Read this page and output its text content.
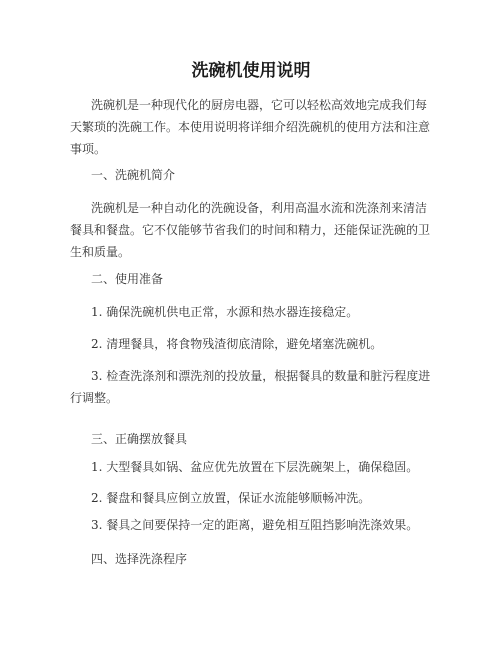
洗碗机使用说明

洗碗机是一种现代化的厨房电器，它可以轻松高效地完成我们每天繁琐的洗碗工作。本使用说明将详细介绍洗碗机的使用方法和注意事项。

一、洗碗机简介

洗碗机是一种自动化的洗碗设备，利用高温水流和洗涤剂来清洁餐具和餐盘。它不仅能够节省我们的时间和精力，还能保证洗碗的卫生和质量。

二、使用准备

1. 确保洗碗机供电正常，水源和热水器连接稳定。

2. 清理餐具，将食物残渣彻底清除，避免堵塞洗碗机。

3. 检查洗涤剂和漂洗剂的投放量，根据餐具的数量和脏污程度进行调整。

三、正确摆放餐具

1. 大型餐具如锅、盆应优先放置在下层洗碗架上，确保稳固。

2. 餐盘和餐具应倒立放置，保证水流能够顺畅冲洗。

3. 餐具之间要保持一定的距离，避免相互阻挡影响洗涤效果。

四、选择洗涤程序
